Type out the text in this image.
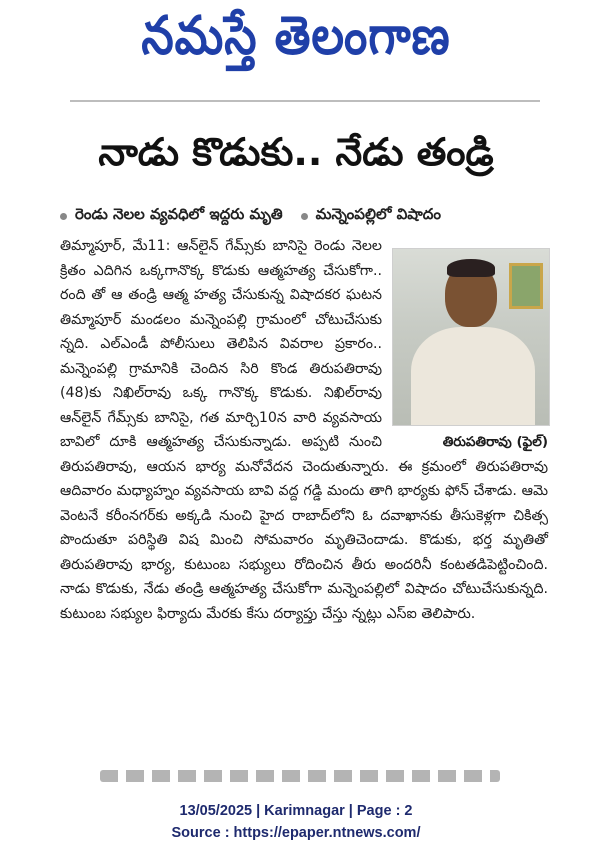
నమస్తే తెలంగాణ
నాడు కొడుకు.. నేడు తండ్రి
రెండు నెలల వ్యవధిలో ఇద్దరు మృతి మన్నెంపల్లిలో విషాదం
తిరుపతిరావు (ఫైల్)

తిమ్మాపూర్, మే11: ఆన్‌లైన్ గేమ్స్‌కు బానిసై రెండు నెలల క్రితం ఎదిగిన ఒక్కగానొక్క కొడుకు ఆత్మహత్య చేసుకోగా.. రంది తో ఆ తండ్రి ఆత్మ హత్య చేసుకున్న విషాదకర ఘటన తిమ్మాపూర్ మండలం మన్నెంపల్లి గ్రామంలో చోటుచేసుకు న్నది. ఎల్‌ఎండీ పోలీసులు తెలిపిన వివరాల ప్రకారం.. మన్నెంపల్లి గ్రామానికి చెందిన సిరి కొండ తిరుపతిరావు (48)కు నిఖిల్‌రావు ఒక్క గానొక్క కొడుకు. నిఖిల్‌రావు ఆన్‌లైన్ గేమ్స్‌కు బానిసై, గత మార్చి10న వారి వ్యవసాయ బావిలో దూకి ఆత్మహత్య చేసుకున్నాడు. అప్పటి నుంచి తిరుపతిరావు, ఆయన భార్య మనోవేదన చెందుతున్నారు. ఈ క్రమంలో తిరుపతిరావు ఆదివారం మధ్యాహ్నం వ్యవసాయ బావి వద్ద గడ్డి మందు తాగి భార్యకు ఫోన్ చేశాడు. ఆమె వెంటనే కరీంనగర్‌కు అక్కడి నుంచి హైద రాబాద్‌లోని ఓ దవాఖానకు తీసుకెళ్లగా చికిత్స పొందుతూ పరిస్థితి విష మించి సోమవారం మృతిచెందాడు. కొడుకు, భర్త మృతితో తిరుపతిరావు భార్య, కుటుంబ సభ్యులు రోదించిన తీరు అందరినీ కంటతడిపెట్టించింది. నాడు కొడుకు, నేడు తండ్రి ఆత్మహత్య చేసుకోగా మన్నెంపల్లిలో విషాదం చోటుచేసుకున్నది. కుటుంబ సభ్యుల ఫిర్యాదు మేరకు కేసు దర్యాప్తు చేస్తు న్నట్లు ఎస్ఐ తెలిపారు.

13/05/2025 | Karimnagar | Page : 2
Source : https://epaper.ntnews.com/
